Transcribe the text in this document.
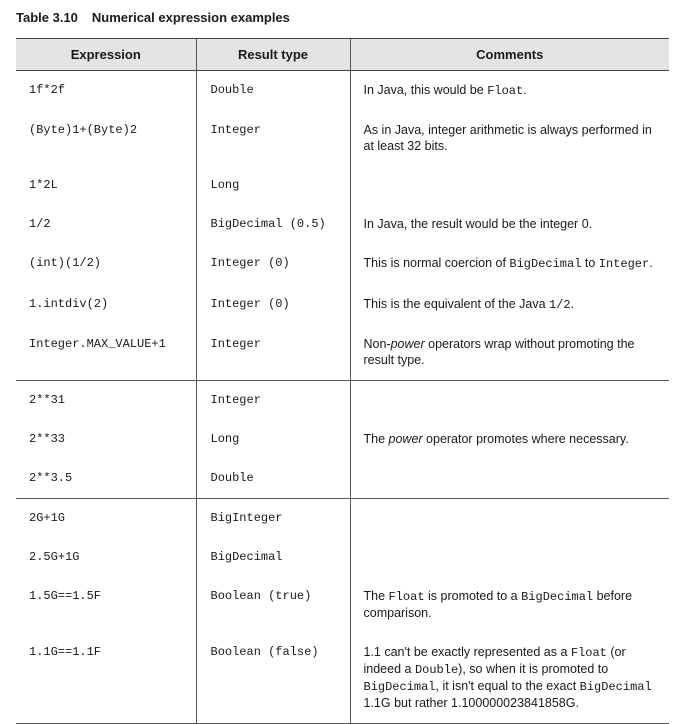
Table 3.10 Numerical expression examples
Expression	Result type	Comments

1f*2f	Double	In Java, this would be Float.

(Byte)1+(Byte)2	Integer	As in Java, integer arithmetic is always performed in at least 32 bits.

1*2L	Long	

1/2	BigDecimal (0.5)	In Java, the result would be the integer 0.

(int)(1/2)	Integer (0)	This is normal coercion of BigDecimal to Integer.

1.intdiv(2)	Integer (0)	This is the equivalent of the Java 1/2.

Integer.MAX_VALUE+1	Integer	Non-power operators wrap without promoting the result type.

2**31	Integer	

2**33	Long	The power operator promotes where necessary.

2**3.5	Double	

2G+1G	BigInteger	

2.5G+1G	BigDecimal	

1.5G==1.5F	Boolean (true)	The Float is promoted to a BigDecimal before comparison.

1.1G==1.1F	Boolean (false)	1.1 can't be exactly represented as a Float (or indeed a Double), so when it is promoted to BigDecimal, it isn't equal to the exact BigDecimal 1.1G but rather 1.100000023841858G.
